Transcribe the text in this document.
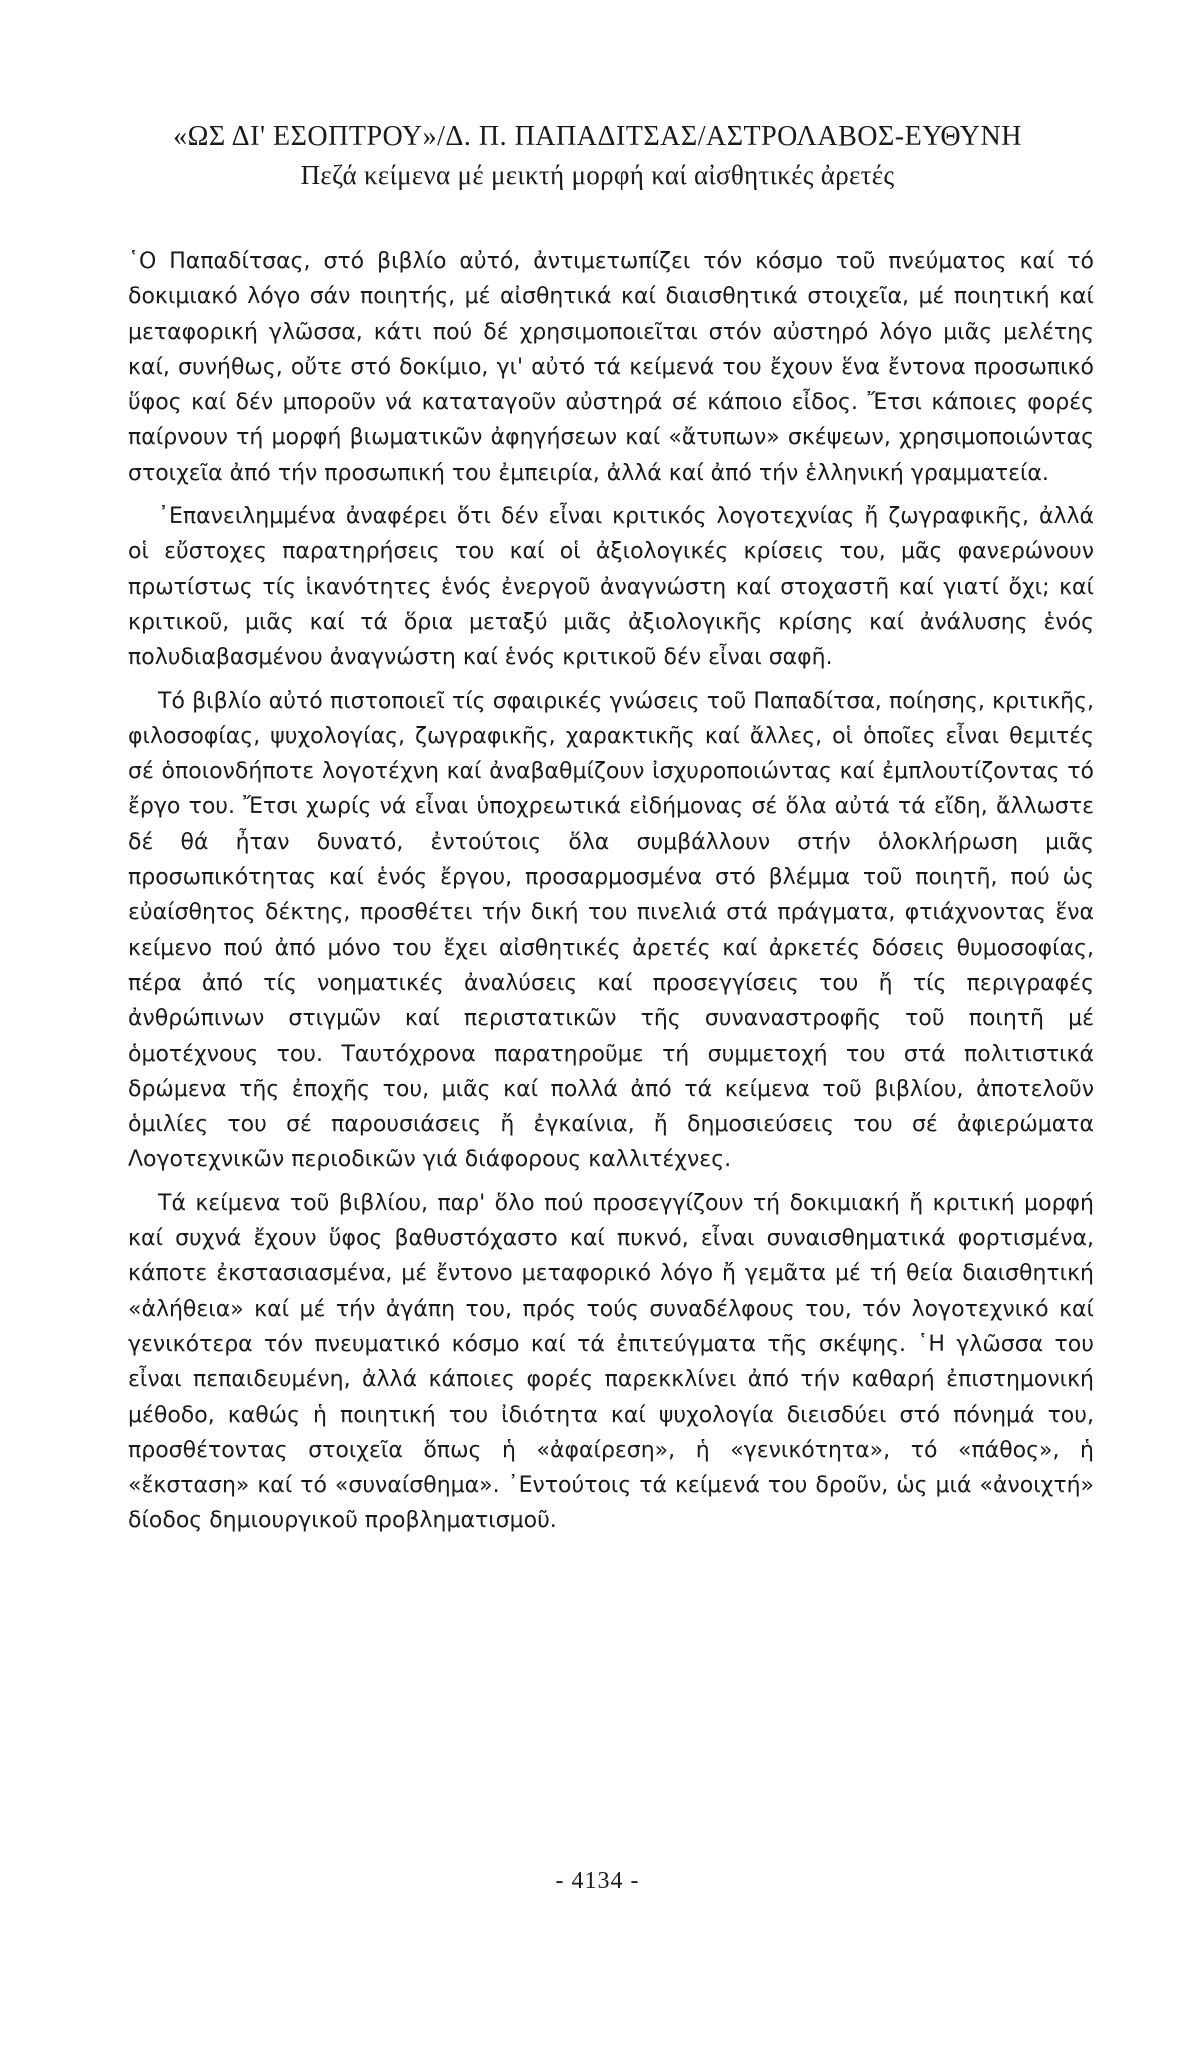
«ΩΣ ΔΙ' ΕΣΟΠΤΡΟΥ»/Δ. Π. ΠΑΠΑΔΙΤΣΑΣ/ΑΣΤΡΟΛΑΒΟΣ-ΕΥΘΥΝΗ
Πεζά κείμενα μέ μεικτή μορφή καί αἰσθητικές ἀρετές

῾Ο Παπαδίτσας, στό βιβλίο αὐτό, ἀντιμετωπίζει τόν κόσμο τοῦ πνεύματος καί τό δοκιμιακό λόγο σάν ποιητής, μέ αἰσθητικά καί διαισθητικά στοιχεῖα, μέ ποιητική καί μεταφορική γλῶσσα, κάτι πού δέ χρησιμοποιεῖται στόν αὐστηρό λόγο μιᾶς μελέτης καί, συνήθως, οὔτε στό δοκίμιο, γι' αὐτό τά κείμενά του ἔχουν ἕνα ἔντονα προσωπικό ὕφος καί δέν μποροῦν νά καταταγοῦν αὐστηρά σέ κάποιο εἶδος. Ἔτσι κάποιες φορές παίρνουν τή μορφή βιωματικῶν ἀφηγήσεων καί «ἄτυπων» σκέψεων, χρησιμοποιώντας στοιχεῖα ἀπό τήν προσωπική του ἐμπειρία, ἀλλά καί ἀπό τήν ἑλληνική γραμματεία.

᾿Επανειλημμένα ἀναφέρει ὅτι δέν εἶναι κριτικός λογοτεχνίας ἤ ζωγραφικῆς, ἀλλά οἱ εὔστοχες παρατηρήσεις του καί οἱ ἀξιολογικές κρίσεις του, μᾶς φανερώνουν πρωτίστως τίς ἱκανότητες ἑνός ἐνεργοῦ ἀναγνώστη καί στοχαστῆ καί γιατί ὄχι; καί κριτικοῦ, μιᾶς καί τά ὅρια μεταξύ μιᾶς ἀξιολογικῆς κρίσης καί ἀνάλυσης ἑνός πολυδιαβασμένου ἀναγνώστη καί ἑνός κριτικοῦ δέν εἶναι σαφῆ.

Τό βιβλίο αὐτό πιστοποιεῖ τίς σφαιρικές γνώσεις τοῦ Παπαδίτσα, ποίησης, κριτικῆς, φιλοσοφίας, ψυχολογίας, ζωγραφικῆς, χαρακτικῆς καί ἄλλες, οἱ ὁποῖες εἶναι θεμιτές σέ ὁποιονδήποτε λογοτέχνη καί ἀναβαθμίζουν ἰσχυροποιώντας καί ἐμπλουτίζοντας τό ἔργο του. Ἔτσι χωρίς νά εἶναι ὑποχρεωτικά εἰδήμονας σέ ὅλα αὐτά τά εἴδη, ἄλλωστε δέ θά ἦταν δυνατό, ἐντούτοις ὅλα συμβάλλουν στήν ὁλοκλήρωση μιᾶς προσωπικότητας καί ἑνός ἔργου, προσαρμοσμένα στό βλέμμα τοῦ ποιητῆ, πού ὡς εὐαίσθητος δέκτης, προσθέτει τήν δική του πινελιά στά πράγματα, φτιάχνοντας ἕνα κείμενο πού ἀπό μόνο του ἔχει αἰσθητικές ἀρετές καί ἀρκετές δόσεις θυμοσοφίας, πέρα ἀπό τίς νοηματικές ἀναλύσεις καί προσεγγίσεις του ἤ τίς περιγραφές ἀνθρώπινων στιγμῶν καί περιστατικῶν τῆς συναναστροφῆς τοῦ ποιητῆ μέ ὁμοτέχνους του. Ταυτόχρονα παρατηροῦμε τή συμμετοχή του στά πολιτιστικά δρώμενα τῆς ἐποχῆς του, μιᾶς καί πολλά ἀπό τά κείμενα τοῦ βιβλίου, ἀποτελοῦν ὁμιλίες του σέ παρουσιάσεις ἤ ἐγκαίνια, ἤ δημοσιεύσεις του σέ ἀφιερώματα Λογοτεχνικῶν περιοδικῶν γιά διάφορους καλλιτέχνες.

Τά κείμενα τοῦ βιβλίου, παρ' ὅλο πού προσεγγίζουν τή δοκιμιακή ἤ κριτική μορφή καί συχνά ἔχουν ὕφος βαθυστόχαστο καί πυκνό, εἶναι συναισθηματικά φορτισμένα, κάποτε ἐκστασιασμένα, μέ ἔντονο μεταφορικό λόγο ἤ γεμᾶτα μέ τή θεία διαισθητική «ἀλήθεια» καί μέ τήν ἀγάπη του, πρός τούς συναδέλφους του, τόν λογοτεχνικό καί γενικότερα τόν πνευματικό κόσμο καί τά ἐπιτεύγματα τῆς σκέψης. ῾Η γλῶσσα του εἶναι πεπαιδευμένη, ἀλλά κάποιες φορές παρεκκλίνει ἀπό τήν καθαρή ἐπιστημονική μέθοδο, καθώς ἡ ποιητική του ἰδιότητα καί ψυχολογία διεισδύει στό πόνημά του, προσθέτοντας στοιχεῖα ὅπως ἡ «ἀφαίρεση», ἡ «γενικότητα», τό «πάθος», ἡ «ἔκσταση» καί τό «συναίσθημα». ᾿Εντούτοις τά κείμενά του δροῦν, ὡς μιά «ἀνοιχτή» δίοδος δημιουργικοῦ προβληματισμοῦ.

- 4134 -
